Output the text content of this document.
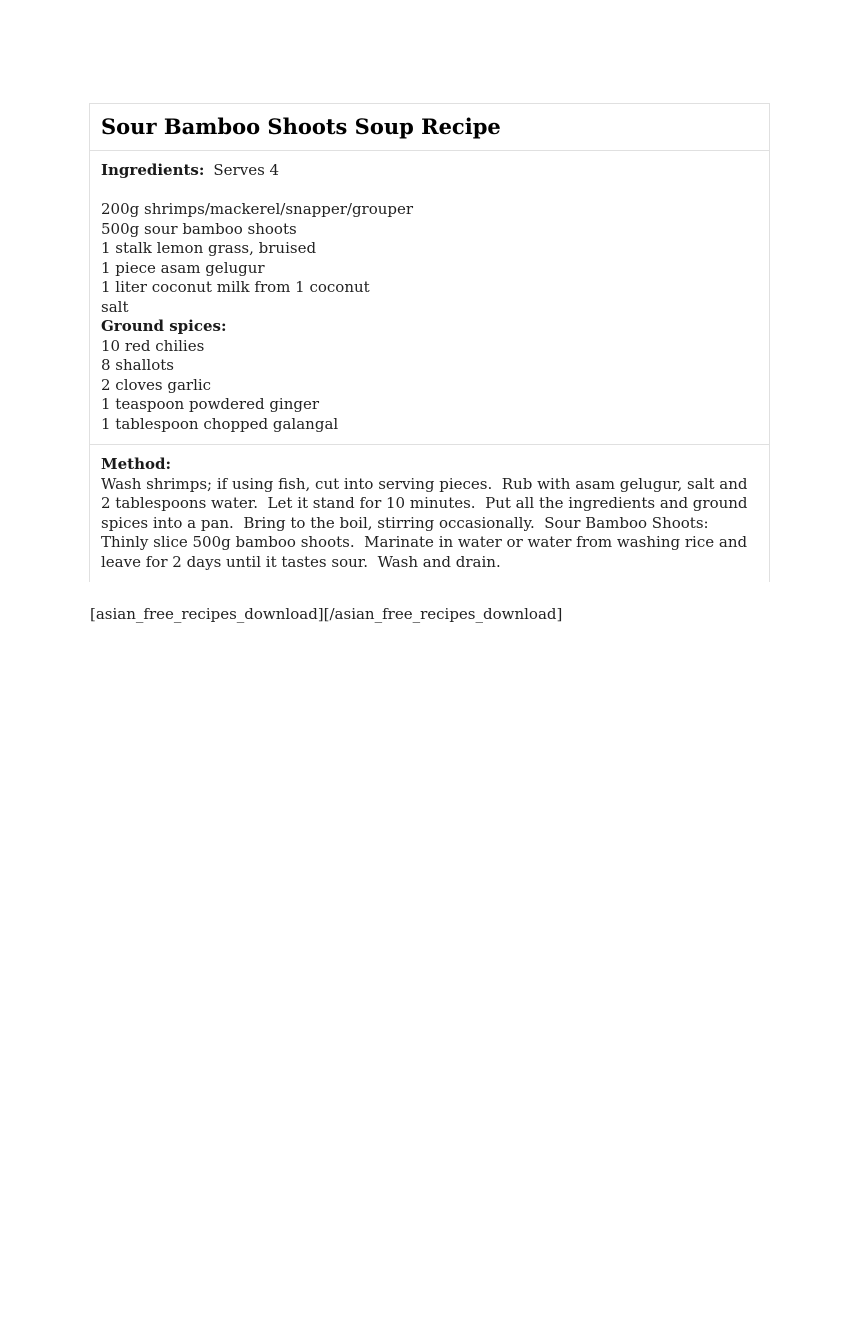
Sour Bamboo Shoots Soup Recipe
Ingredients: Serves 4
200g shrimps/mackerel/snapper/grouper
500g sour bamboo shoots
1 stalk lemon grass, bruised
1 piece asam gelugur
1 liter coconut milk from 1 coconut
salt
Ground spices:
10 red chilies
8 shallots
2 cloves garlic
1 teaspoon powdered ginger
1 tablespoon chopped galangal
Method:

Wash shrimps; if using fish, cut into serving pieces.  Rub with asam gelugur, salt and 2 tablespoons water.  Let it stand for 10 minutes.  Put all the ingredients and ground spices into a pan.  Bring to the boil, stirring occasionally.  Sour Bamboo Shoots: Thinly slice 500g bamboo shoots.  Marinate in water or water from washing rice and leave for 2 days until it tastes sour.  Wash and drain.

[asian_free_recipes_download][/asian_free_recipes_download]
